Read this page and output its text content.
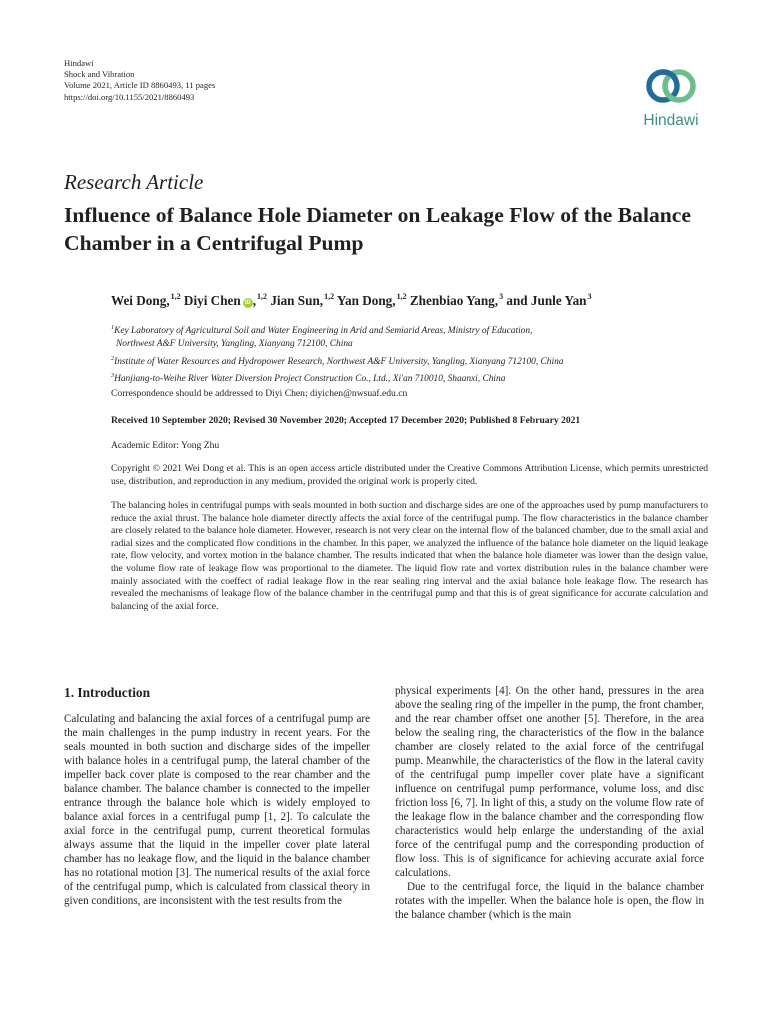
Hindawi
Shock and Vibration
Volume 2021, Article ID 8860493, 11 pages
https://doi.org/10.1155/2021/8860493
Hindawi
Research Article
Influence of Balance Hole Diameter on Leakage Flow of the Balance Chamber in a Centrifugal Pump
Wei Dong,$^{1,2}$ Diyi Chen iD ,$^{1,2}$ Jian Sun,$^{1,2}$ Yan Dong,$^{1,2}$ Zhenbiao Yang,$^3$ and Junle Yan$^3$
$^1$Key Laboratory of Agricultural Soil and Water Engineering in Arid and Semiarid Areas, Ministry of Education,
Northwest A&F University, Yangling, Xianyang 712100, China
$^2$Institute of Water Resources and Hydropower Research, Northwest A&F University, Yangling, Xianyang 712100, China
$^3$Hanjiang-to-Weihe River Water Diversion Project Construction Co., Ltd., Xi'an 710010, Shaanxi, China
Correspondence should be addressed to Diyi Chen; diyichen@nwsuaf.edu.cn
Received 10 September 2020; Revised 30 November 2020; Accepted 17 December 2020; Published 8 February 2021
Academic Editor: Yong Zhu
Copyright © 2021 Wei Dong et al. This is an open access article distributed under the Creative Commons Attribution License, which permits unrestricted use, distribution, and reproduction in any medium, provided the original work is properly cited.
The balancing holes in centrifugal pumps with seals mounted in both suction and discharge sides are one of the approaches used by pump manufacturers to reduce the axial thrust. The balance hole diameter directly affects the axial force of the centrifugal pump. The flow characteristics in the balance chamber are closely related to the balance hole diameter. However, research is not very clear on the internal flow of the balanced chamber, due to the small axial and radial sizes and the complicated flow conditions in the chamber. In this paper, we analyzed the influence of the balance hole diameter on the liquid leakage rate, flow velocity, and vortex motion in the balance chamber. The results indicated that when the balance hole diameter was lower than the design value, the volume flow rate of leakage flow was proportional to the diameter. The liquid flow rate and vortex distribution rules in the balance chamber were mainly associated with the coeffect of radial leakage flow in the rear sealing ring interval and the axial balance hole leakage flow. The research has revealed the mechanisms of leakage flow of the balance chamber in the centrifugal pump and that this is of great significance for accurate calculation and balancing of the axial force.
1. Introduction
Calculating and balancing the axial forces of a centrifugal pump are the main challenges in the pump industry in recent years. For the seals mounted in both suction and discharge sides of the impeller with balance holes in a centrifugal pump, the lateral chamber of the impeller back cover plate is composed to the rear chamber and the balance chamber. The balance chamber is connected to the impeller entrance through the balance hole which is widely employed to balance axial forces in a centrifugal pump [1, 2]. To calculate the axial force in the centrifugal pump, current theoretical formulas always assume that the liquid in the impeller cover plate lateral chamber has no leakage flow, and the liquid in the balance chamber has no rotational motion [3]. The numerical results of the axial force of the centrifugal pump, which is calculated from classical theory in given conditions, are inconsistent with the test results from the
physical experiments [4]. On the other hand, pressures in the area above the sealing ring of the impeller in the pump, the front chamber, and the rear chamber offset one another [5]. Therefore, in the area below the sealing ring, the characteristics of the flow in the balance chamber are closely related to the axial force of the centrifugal pump. Meanwhile, the characteristics of the flow in the lateral cavity of the centrifugal pump impeller cover plate have a significant influence on centrifugal pump performance, volume loss, and disc friction loss [6, 7]. In light of this, a study on the volume flow rate of the leakage flow in the balance chamber and the corresponding flow characteristics would help enlarge the understanding of the axial force of the centrifugal pump and the corresponding production of flow loss. This is of significance for achieving accurate axial force calculations.
Due to the centrifugal force, the liquid in the balance chamber rotates with the impeller. When the balance hole is open, the flow in the balance chamber (which is the main
